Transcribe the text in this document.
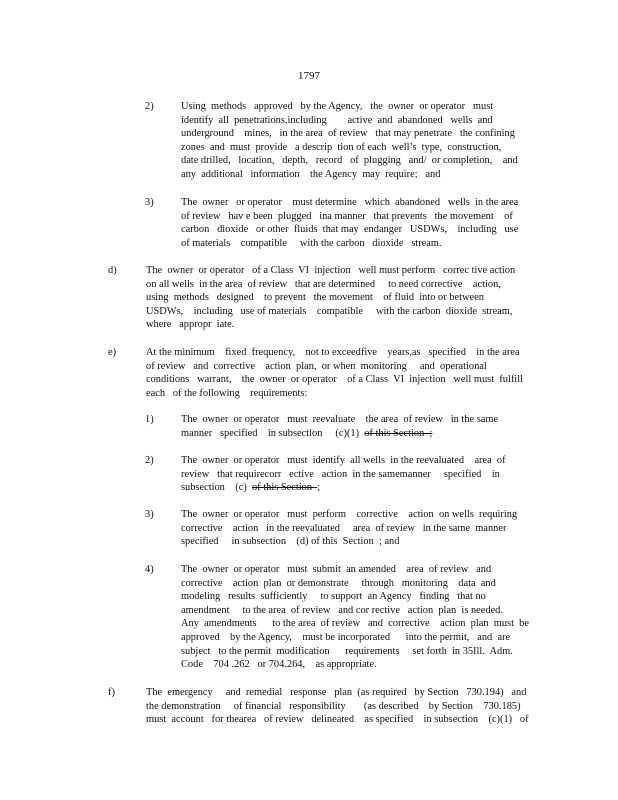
1797
2)	Using  methods   approved   by the Agency,   the  owner  or operator   must
identify  all  penetrations,including        active  and  abandoned   wells  and
underground    mines,   in the area  of review   that may penetrate   the confining
zones  and  must  provide   a descrip  tion of each  well’s  type,  construction,
date drilled,   location,   depth,   record   of  plugging   and/  or completion,    and
any  additional   information    the Agency  may  require;   and
3)	The  owner   or operator    must determine   which  abandoned   wells  in the area
of review   hav e been  plugged   ina manner   that prevents   the movement    of
carbon   dioxide   or other  fluids  that may  endanger   USDWs,    including   use
of materials    compatible     with the carbon   dioxide   stream.
d)	The  owner  or operator   of a Class  VI  injection   well must perform   correc tive action
on all wells  in the area  of review   that are determined     to need corrective    action,
using  methods   designed    to prevent   the movement    of fluid  into or between
USDWs,    including   use of materials    compatible     with the carbon  dioxide  stream,
where   appropr  iate.
e)	At the minimum    fixed  frequency,    not to exceedfive    years,as   specified    in the area
of review   and  corrective    action  plan,  or when  monitoring     and  operational
conditions   warrant,    the  owner  or operator    of a Class  VI  injection   well must  fulfill
each   of the following    requirements:
1)	The  owner  or operator   must  reevaluate    the area  of review   in the same
manner   specified    in subsection     (c)(1)  of this Section  ;
2)	The  owner  or operator   must  identify  all wells  in the reevaluated    area  of
review   that requirecorr   ective   action  in the samemanner     specified    in
subsection    (c)  of this Section  ;
3)	The  owner  or operator   must  perform    corrective    action  on wells  requiring
corrective    action   in the reevaluated     area  of review   in the same  manner
specified     in subsection    (d) of this  Section  ; and
4)	The  owner  or operator   must  submit  an amended    area  of review   and
corrective    action  plan  or demonstrate     through   monitoring    data  and
modeling   results  sufficiently     to support  an Agency   finding   that no
amendment     to the area  of review   and cor rective   action  plan  is needed.
Any  amendments      to the area  of review   and  corrective    action  plan  must  be
approved    by the Agency,    must be incorporated      into the permit,   and  are
subject   to the permit  modification      requirements     set forth  in 35Ill.  Adm.
Code    704 .262   or 704.264,    as appropriate.
f)	The  emergency     and  remedial   response   plan  (as required   by Section   730.194)   and
the demonstration     of financial   responsibility       (as described    by Section    730.185)
must  account   for thearea   of review   delineated    as specified    in subsection    (c)(1)   of
